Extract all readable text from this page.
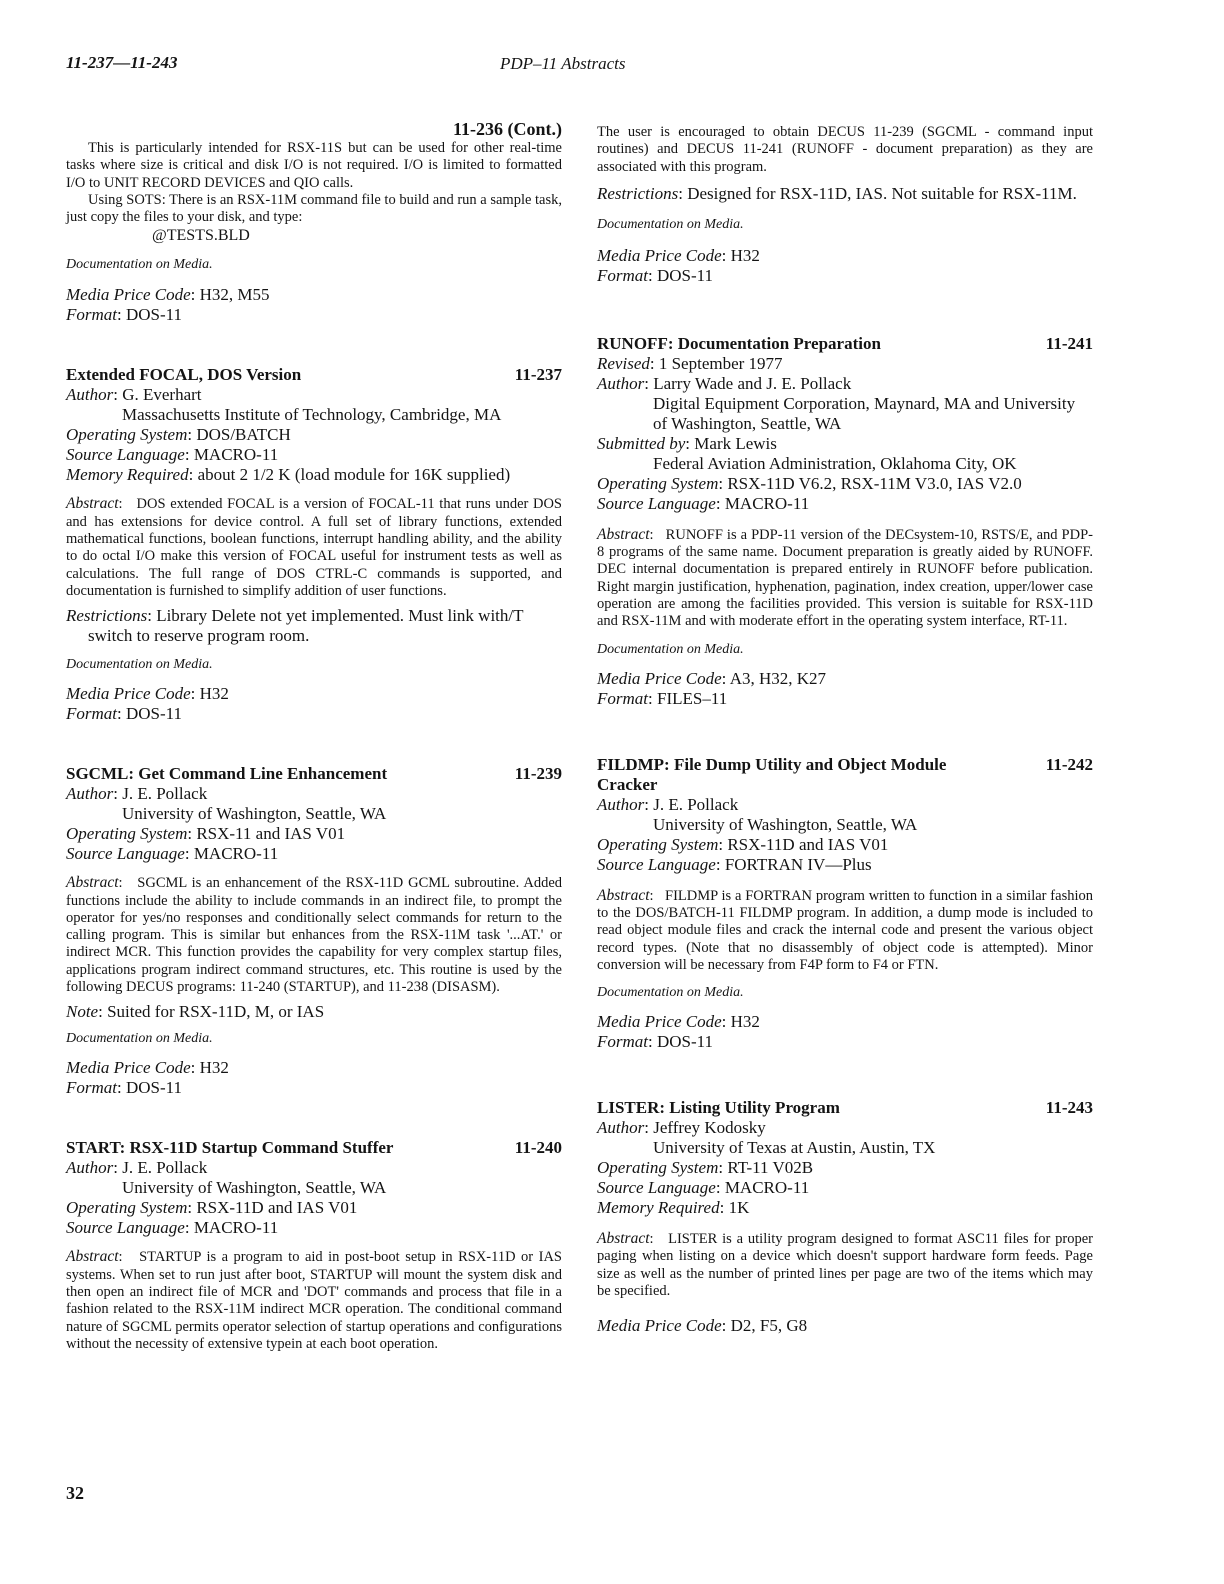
11-237—11-243	PDP–11 Abstracts
11-236 (Cont.)

This is particularly intended for RSX-11S but can be used for other real-time tasks where size is critical and disk I/O is not required. I/O is limited to formatted I/O to UNIT RECORD DEVICES and QIO calls.

Using SOTS: There is an RSX-11M command file to build and run a sample task, just copy the files to your disk, and type:

@TESTS.BLD

Documentation on Media.

Media Price Code: H32, M55

Format: DOS-11

Extended FOCAL, DOS Version	11-237

Author: G. Everhart

Massachusetts Institute of Technology, Cambridge, MA

Operating System: DOS/BATCH

Source Language: MACRO-11

Memory Required: about 2 1/2 K (load module for 16K supplied)

Abstract:   DOS extended FOCAL is a version of FOCAL-11 that runs under DOS and has extensions for device control. A full set of library functions, extended mathematical functions, boolean functions, interrupt handling ability, and the ability to do octal I/O make this version of FOCAL useful for instrument tests as well as calculations. The full range of DOS CTRL-C commands is supported, and documentation is furnished to simplify addition of user functions.

Restrictions: Library Delete not yet implemented. Must link with/T switch to reserve program room.

Documentation on Media.

Media Price Code: H32

Format: DOS-11

SGCML: Get Command Line Enhancement	11-239

Author: J. E. Pollack

University of Washington, Seattle, WA

Operating System: RSX-11 and IAS V01

Source Language: MACRO-11

Abstract:   SGCML is an enhancement of the RSX-11D GCML subroutine. Added functions include the ability to include commands in an indirect file, to prompt the operator for yes/no responses and conditionally select commands for return to the calling program. This is similar but enhances from the RSX-11M task '...AT.' or indirect MCR. This function provides the capability for very complex startup files, applications program indirect command structures, etc. This routine is used by the following DECUS programs: 11-240 (STARTUP), and 11-238 (DISASM).

Note: Suited for RSX-11D, M, or IAS

Documentation on Media.

Media Price Code: H32

Format: DOS-11

START: RSX-11D Startup Command Stuffer	11-240

Author: J. E. Pollack

University of Washington, Seattle, WA

Operating System: RSX-11D and IAS V01

Source Language: MACRO-11

Abstract:   STARTUP is a program to aid in post-boot setup in RSX-11D or IAS systems. When set to run just after boot, STARTUP will mount the system disk and then open an indirect file of MCR and 'DOT' commands and process that file in a fashion related to the RSX-11M indirect MCR operation. The conditional command nature of SGCML permits operator selection of startup operations and configurations without the necessity of extensive typein at each boot operation.

The user is encouraged to obtain DECUS 11-239 (SGCML - command input routines) and DECUS 11-241 (RUNOFF - document preparation) as they are associated with this program.

Restrictions: Designed for RSX-11D, IAS. Not suitable for RSX-11M.

Documentation on Media.

Media Price Code: H32

Format: DOS-11

RUNOFF: Documentation Preparation	11-241

Revised: 1 September 1977

Author: Larry Wade and J. E. Pollack

Digital Equipment Corporation, Maynard, MA and University of Washington, Seattle, WA

Submitted by: Mark Lewis

Federal Aviation Administration, Oklahoma City, OK

Operating System: RSX-11D V6.2, RSX-11M V3.0, IAS V2.0

Source Language: MACRO-11

Abstract:   RUNOFF is a PDP-11 version of the DECsystem-10, RSTS/E, and PDP-8 programs of the same name. Document preparation is greatly aided by RUNOFF. DEC internal documentation is prepared entirely in RUNOFF before publication. Right margin justification, hyphenation, pagination, index creation, upper/lower case operation are among the facilities provided. This version is suitable for RSX-11D and RSX-11M and with moderate effort in the operating system interface, RT-11.

Documentation on Media.

Media Price Code: A3, H32, K27

Format: FILES–11

FILDMP: File Dump Utility and Object Module Cracker
11-242

Author: J. E. Pollack

University of Washington, Seattle, WA

Operating System: RSX-11D and IAS V01

Source Language: FORTRAN IV—Plus

Abstract:   FILDMP is a FORTRAN program written to function in a similar fashion to the DOS/BATCH-11 FILDMP program. In addition, a dump mode is included to read object module files and crack the internal code and present the various object record types. (Note that no disassembly of object code is attempted). Minor conversion will be necessary from F4P form to F4 or FTN.

Documentation on Media.

Media Price Code: H32

Format: DOS-11

LISTER: Listing Utility Program	11-243

Author: Jeffrey Kodosky

University of Texas at Austin, Austin, TX

Operating System: RT-11 V02B

Source Language: MACRO-11

Memory Required: 1K

Abstract:   LISTER is a utility program designed to format ASC11 files for proper paging when listing on a device which doesn't support hardware form feeds. Page size as well as the number of printed lines per page are two of the items which may be specified.

Media Price Code: D2, F5, G8

32
